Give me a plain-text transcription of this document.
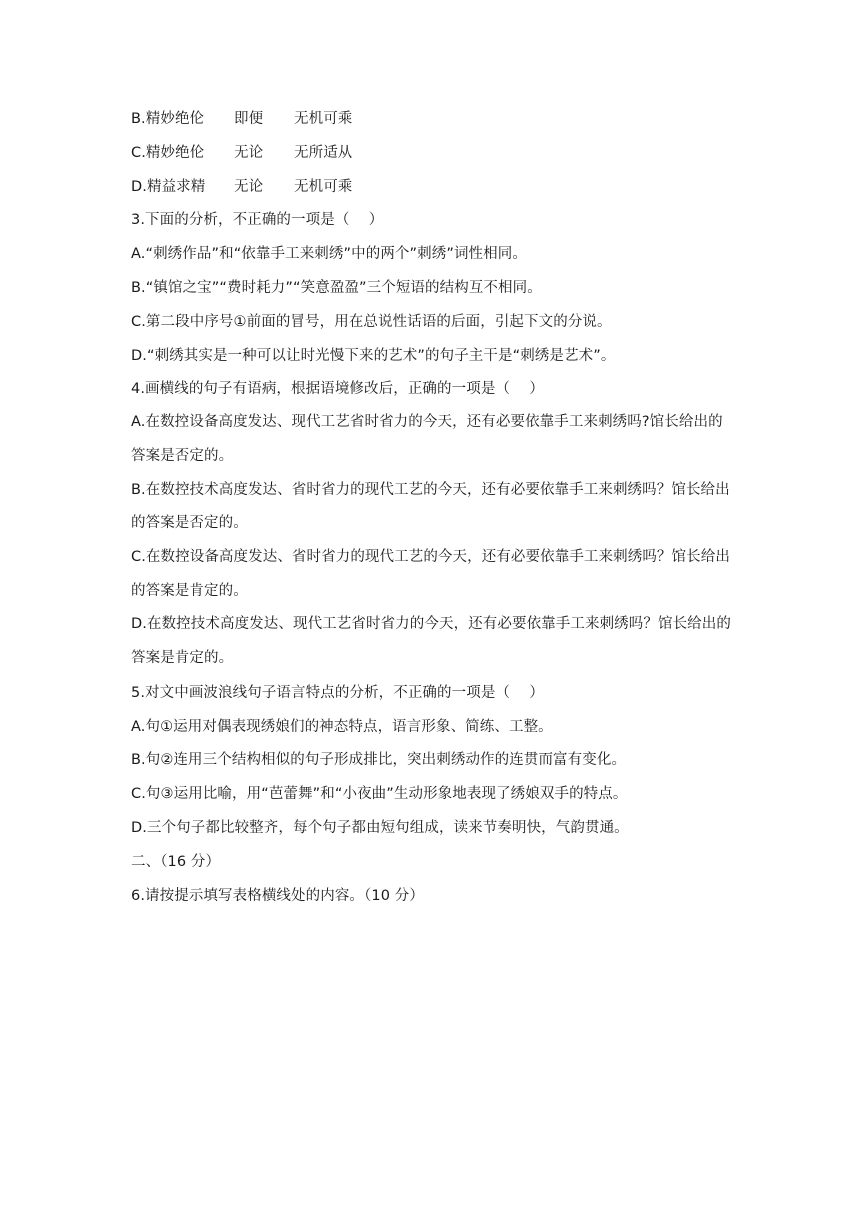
B.精妙绝伦	即便	无机可乘
C.精妙绝伦	无论	无所适从
D.精益求精	无论	无机可乘
3.下面的分析，不正确的一项是（　 ）
A.“刺绣作品”和“依靠手工来刺绣”中的两个”刺绣”词性相同。
B.“镇馆之宝”“费时耗力”“笑意盈盈”三个短语的结构互不相同。
C.第二段中序号①前面的冒号，用在总说性话语的后面，引起下文的分说。
D.“刺绣其实是一种可以让时光慢下来的艺术”的句子主干是“刺绣是艺术”。
4.画横线的句子有语病，根据语境修改后，正确的一项是（　 ）
A.在数控设备高度发达、现代工艺省时省力的今天，还有必要依靠手工来刺绣吗?馆长给出的答案是否定的。
B.在数控技术高度发达、省时省力的现代工艺的今天，还有必要依靠手工来刺绣吗？馆长给出的答案是否定的。
C.在数控设备高度发达、省时省力的现代工艺的今天，还有必要依靠手工来刺绣吗？馆长给出的答案是肯定的。
D.在数控技术高度发达、现代工艺省时省力的今天，还有必要依靠手工来刺绣吗？馆长给出的答案是肯定的。
5.对文中画波浪线句子语言特点的分析，不正确的一项是（　 ）
A.句①运用对偶表现绣娘们的神态特点，语言形象、简练、工整。
B.句②连用三个结构相似的句子形成排比，突出刺绣动作的连贯而富有变化。
C.句③运用比喻，用“芭蕾舞”和“小夜曲”生动形象地表现了绣娘双手的特点。
D.三个句子都比较整齐，每个句子都由短句组成，读来节奏明快，气韵贯通。
二、（16 分）
6.请按提示填写表格横线处的内容。（10 分）
